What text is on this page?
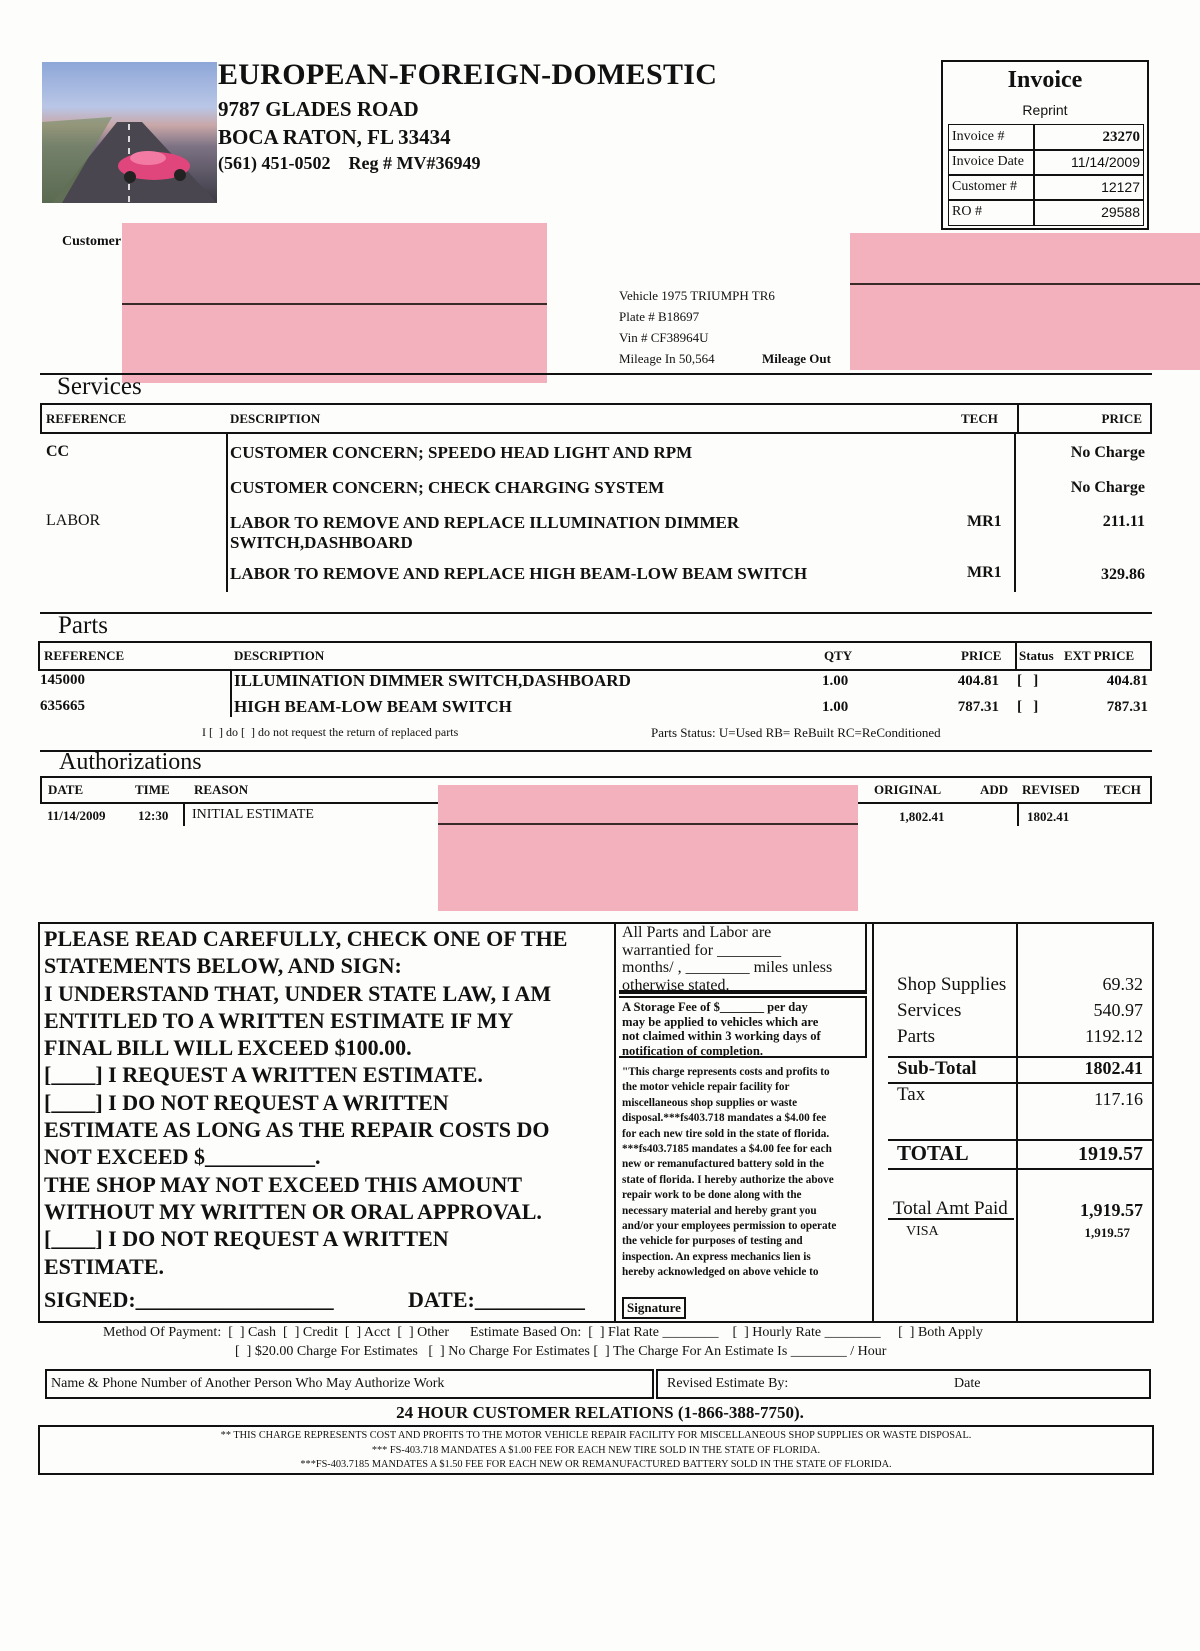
EUROPEAN-FOREIGN-DOMESTIC
9787 GLADES ROAD
BOCA RATON, FL 33434
(561) 451-0502    Reg # MV#36949
Invoice
Reprint
Invoice #	23270
Invoice Date	11/14/2009
Customer #	12127
RO #	29588
Customer
Vehicle 1975 TRIUMPH TR6
Plate # B18697
Vin # CF38964U
Mileage In 50,564	Mileage Out
Services
REFERENCE	DESCRIPTION	TECH	PRICE
CC	CUSTOMER CONCERN; SPEEDO HEAD LIGHT AND RPM	No Charge
CUSTOMER CONCERN; CHECK CHARGING SYSTEM	No Charge
LABOR	LABOR TO REMOVE AND REPLACE ILLUMINATION DIMMER
SWITCH,DASHBOARD
MR1	211.11
LABOR TO REMOVE AND REPLACE HIGH BEAM-LOW BEAM SWITCH	MR1	329.86
Parts
REFERENCE	DESCRIPTION	QTY	PRICE Status EXT PRICE
145000	ILLUMINATION DIMMER SWITCH,DASHBOARD	1.00	404.81 [   ]	404.81
635665	HIGH BEAM-LOW BEAM SWITCH	1.00	787.31 [   ]	787.31
I [  ] do [  ] do not request the return of replaced parts	Parts Status: U=Used RB= ReBuilt RC=ReConditioned
Authorizations
DATE	TIME REASON	ORIGINAL	ADD REVISED TECH
11/14/2009 12:30 INITIAL ESTIMATE	1,802.41	1802.41
PLEASE READ CAREFULLY, CHECK ONE OF THE
STATEMENTS BELOW, AND SIGN:
I UNDERSTAND THAT, UNDER STATE LAW, I AM
ENTITLED TO A WRITTEN ESTIMATE IF MY
FINAL BILL WILL EXCEED $100.00.
[____] I REQUEST A WRITTEN ESTIMATE.
[____] I DO NOT REQUEST A WRITTEN
ESTIMATE AS LONG AS THE REPAIR COSTS DO
NOT EXCEED $__________.
THE SHOP MAY NOT EXCEED THIS AMOUNT
WITHOUT MY WRITTEN OR ORAL APPROVAL.
[____] I DO NOT REQUEST A WRITTEN
ESTIMATE.
SIGNED:__________________	DATE:__________
All Parts and Labor are
warrantied for ________
months/ , ________ miles unless
otherwise stated.
A Storage Fee of $_______ per day
may be applied to vehicles which are
not claimed within 3 working days of
notification of completion.
"This charge represents costs and profits to
the motor vehicle repair facility for
miscellaneous shop supplies or waste
disposal.***fs403.718 mandates a $4.00 fee
for each new tire sold in the state of florida.
***fs403.7185 mandates a $4.00 fee for each
new or remanufactured battery sold in the
state of florida. I hereby authorize the above
repair work to be done along with the
necessary material and hereby grant you
and/or your employees permission to operate
the vehicle for purposes of testing and
inspection. An express mechanics lien is
hereby acknowledged on above vehicle to
Signature
Shop Supplies	69.32
Services	540.97
Parts	1192.12
Sub-Total	1802.41
Tax	117.16
TOTAL	1919.57
Total Amt Paid	1,919.57
VISA	1,919.57
Method Of Payment:  [  ] Cash  [  ] Credit  [  ] Acct  [  ] Other      Estimate Based On:  [  ] Flat Rate ________    [  ] Hourly Rate ________     [  ] Both Apply
[  ] $20.00 Charge For Estimates   [  ] No Charge For Estimates [  ] The Charge For An Estimate Is ________ / Hour
Name & Phone Number of Another Person Who May Authorize Work	Revised Estimate By:	Date
24 HOUR CUSTOMER RELATIONS (1-866-388-7750).
** THIS CHARGE REPRESENTS COST AND PROFITS TO THE MOTOR VEHICLE REPAIR FACILITY FOR MISCELLANEOUS SHOP SUPPLIES OR WASTE DISPOSAL.
*** FS-403.718 MANDATES A $1.00 FEE FOR EACH NEW TIRE SOLD IN THE STATE OF FLORIDA.
***FS-403.7185 MANDATES A $1.50 FEE FOR EACH NEW OR REMANUFACTURED BATTERY SOLD IN THE STATE OF FLORIDA.
